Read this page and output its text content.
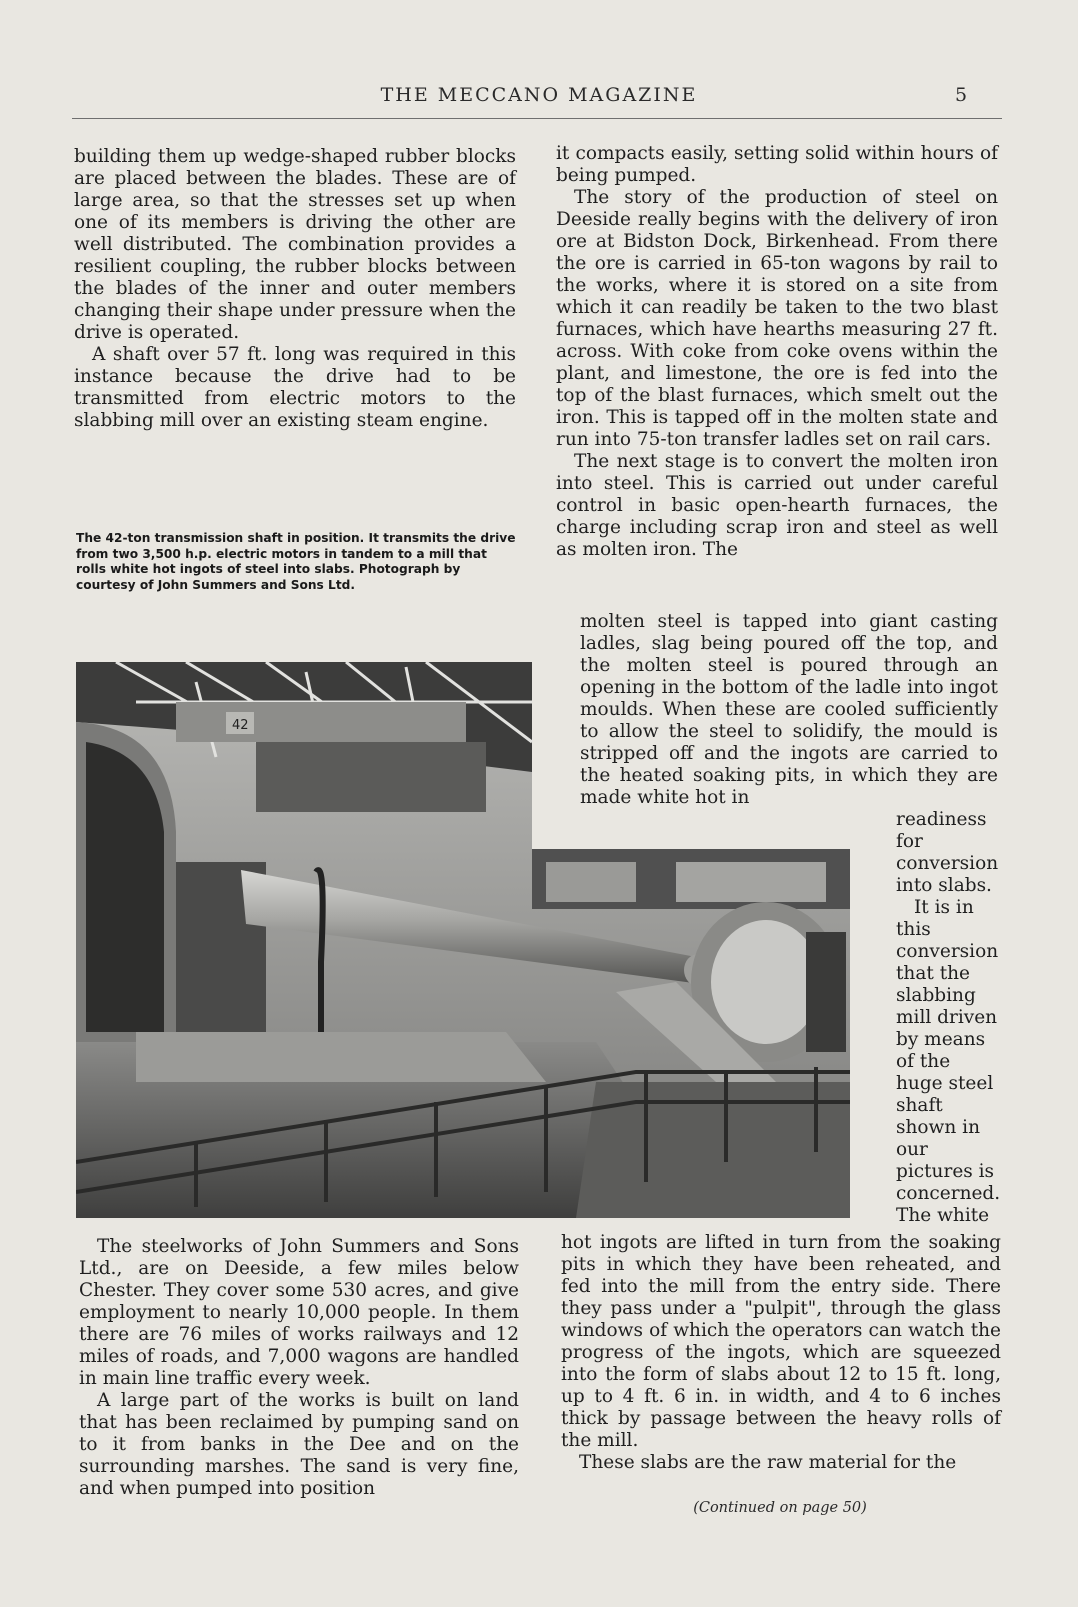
THE MECCANO MAGAZINE	5

building them up wedge-shaped rubber blocks are placed between the blades. These are of large area, so that the stresses set up when one of its members is driving the other are well distributed. The combination provides a resilient coupling, the rubber blocks between the blades of the inner and outer members changing their shape under pressure when the drive is operated.

A shaft over 57 ft. long was required in this instance because the drive had to be transmitted from electric motors to the slabbing mill over an existing steam engine.

The 42-ton transmission shaft in position. It transmits the drive from two 3,500 h.p. electric motors in tandem to a mill that rolls white hot ingots of steel into slabs. Photograph by courtesy of John Summers and Sons Ltd.

it compacts easily, setting solid within hours of being pumped.

The story of the production of steel on Deeside really begins with the delivery of iron ore at Bidston Dock, Birkenhead. From there the ore is carried in 65-ton wagons by rail to the works, where it is stored on a site from which it can readily be taken to the two blast furnaces, which have hearths measuring 27 ft. across. With coke from coke ovens within the plant, and limestone, the ore is fed into the top of the blast furnaces, which smelt out the iron. This is tapped off in the molten state and run into 75-ton transfer ladles set on rail cars.

The next stage is to convert the molten iron into steel. This is carried out under careful control in basic open-hearth furnaces, the charge including scrap iron and steel as well as molten iron. The

molten steel is tapped into giant casting ladles, slag being poured off the top, and the molten steel is poured through an opening in the bottom of the ladle into ingot moulds. When these are cooled sufficiently to allow the steel to solidify, the mould is stripped off and the ingots are carried to the heated soaking pits, in which they are made white hot in

readiness for conversion into slabs.

It is in this conversion that the slabbing mill driven by means of the huge steel shaft shown in our pictures is concerned. The white

42

The steelworks of John Summers and Sons Ltd., are on Deeside, a few miles below Chester. They cover some 530 acres, and give employment to nearly 10,000 people. In them there are 76 miles of works railways and 12 miles of roads, and 7,000 wagons are handled in main line traffic every week.

A large part of the works is built on land that has been reclaimed by pumping sand on to it from banks in the Dee and on the surrounding marshes. The sand is very fine, and when pumped into position

hot ingots are lifted in turn from the soaking pits in which they have been reheated, and fed into the mill from the entry side. There they pass under a "pulpit", through the glass windows of which the operators can watch the progress of the ingots, which are squeezed into the form of slabs about 12 to 15 ft. long, up to 4 ft. 6 in. in width, and 4 to 6 inches thick by passage between the heavy rolls of the mill.

These slabs are the raw material for the

(Continued on page 50)
